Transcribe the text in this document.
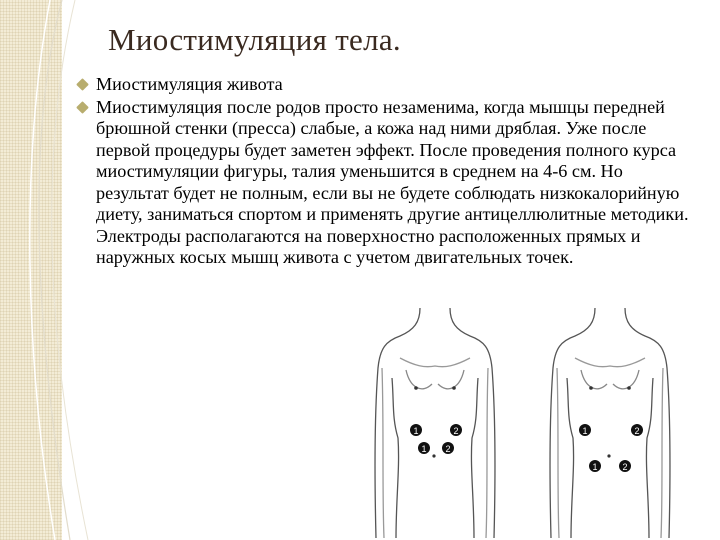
Миостимуляция тела.
Миостимуляция живота
Миостимуляция после родов просто незаменима, когда мышцы передней брюшной стенки (пресса) слабые, а кожа над ними дряблая. Уже после первой процедуры будет заметен эффект. После проведения полного курса миостимуляции фигуры, талия уменьшится в среднем на 4-6 см. Но результат будет не полным, если вы не будете соблюдать низкокалорийную диету, заниматься спортом и применять другие антицеллюлитные методики. Электроды располагаются на поверхностно расположенных прямых и наружных косых мышц живота с учетом двигательных точек.
1	2
1 2
1	2
1	2
